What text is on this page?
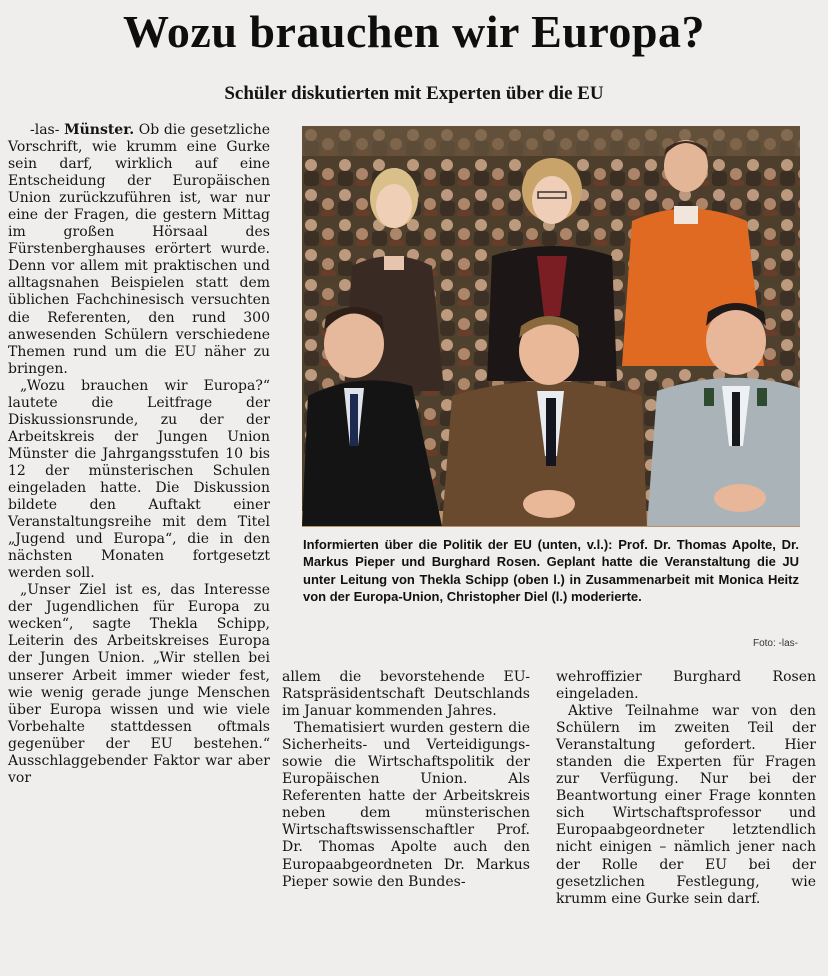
Wozu brauchen wir Europa?
Schüler diskutierten mit Experten über die EU

-las- Münster. Ob die gesetzliche Vorschrift, wie krumm eine Gurke sein darf, wirklich auf eine Entscheidung der Europäischen Union zurückzuführen ist, war nur eine der Fragen, die gestern Mittag im großen Hörsaal des Fürstenberghauses erörtert wurde. Denn vor allem mit praktischen und alltagsnahen Beispielen statt dem üblichen Fachchinesisch versuchten die Referenten, den rund 300 anwesenden Schülern verschiedene Themen rund um die EU näher zu bringen.

„Wozu brauchen wir Europa?“ lautete die Leitfrage der Diskussionsrunde, zu der der Arbeitskreis der Jungen Union Münster die Jahrgangsstufen 10 bis 12 der münsterischen Schulen eingeladen hatte. Die Diskussion bildete den Auftakt einer Veranstaltungsreihe mit dem Titel „Jugend und Europa“, die in den nächsten Monaten fortgesetzt werden soll.

„Unser Ziel ist es, das Interesse der Jugendlichen für Europa zu wecken“, sagte Thekla Schipp, Leiterin des Arbeitskreises Europa der Jungen Union. „Wir stellen bei unserer Arbeit immer wieder fest, wie wenig gerade junge Menschen über Europa wissen und wie viele Vorbehalte stattdessen oftmals gegenüber der EU bestehen.“ Ausschlaggebender Faktor war aber vor

Informierten über die Politik der EU (unten, v.l.): Prof. Dr. Thomas Apolte, Dr. Markus Pieper und Burghard Rosen. Geplant hatte die Veranstaltung die JU unter Leitung von Thekla Schipp (oben l.) in Zusammenarbeit mit Monica Heitz von der Europa-Union, Christopher Diel (l.) moderierte.
Foto: -las-

allem die bevorstehende EU-Ratspräsidentschaft Deutschlands im Januar kommenden Jahres.

Thematisiert wurden gestern die Sicherheits- und Verteidigungs- sowie die Wirtschaftspolitik der Europäischen Union. Als Referenten hatte der Arbeitskreis neben dem münsterischen Wirtschaftswissenschaftler Prof. Dr. Thomas Apolte auch den Europaabgeordneten Dr. Markus Pieper sowie den Bundes-

wehroffizier Burghard Rosen eingeladen.

Aktive Teilnahme war von den Schülern im zweiten Teil der Veranstaltung gefordert. Hier standen die Experten für Fragen zur Verfügung. Nur bei der Beantwortung einer Frage konnten sich Wirtschaftsprofessor und Europaabgeordneter letztendlich nicht einigen – nämlich jener nach der Rolle der EU bei der gesetzlichen Festlegung, wie krumm eine Gurke sein darf.
